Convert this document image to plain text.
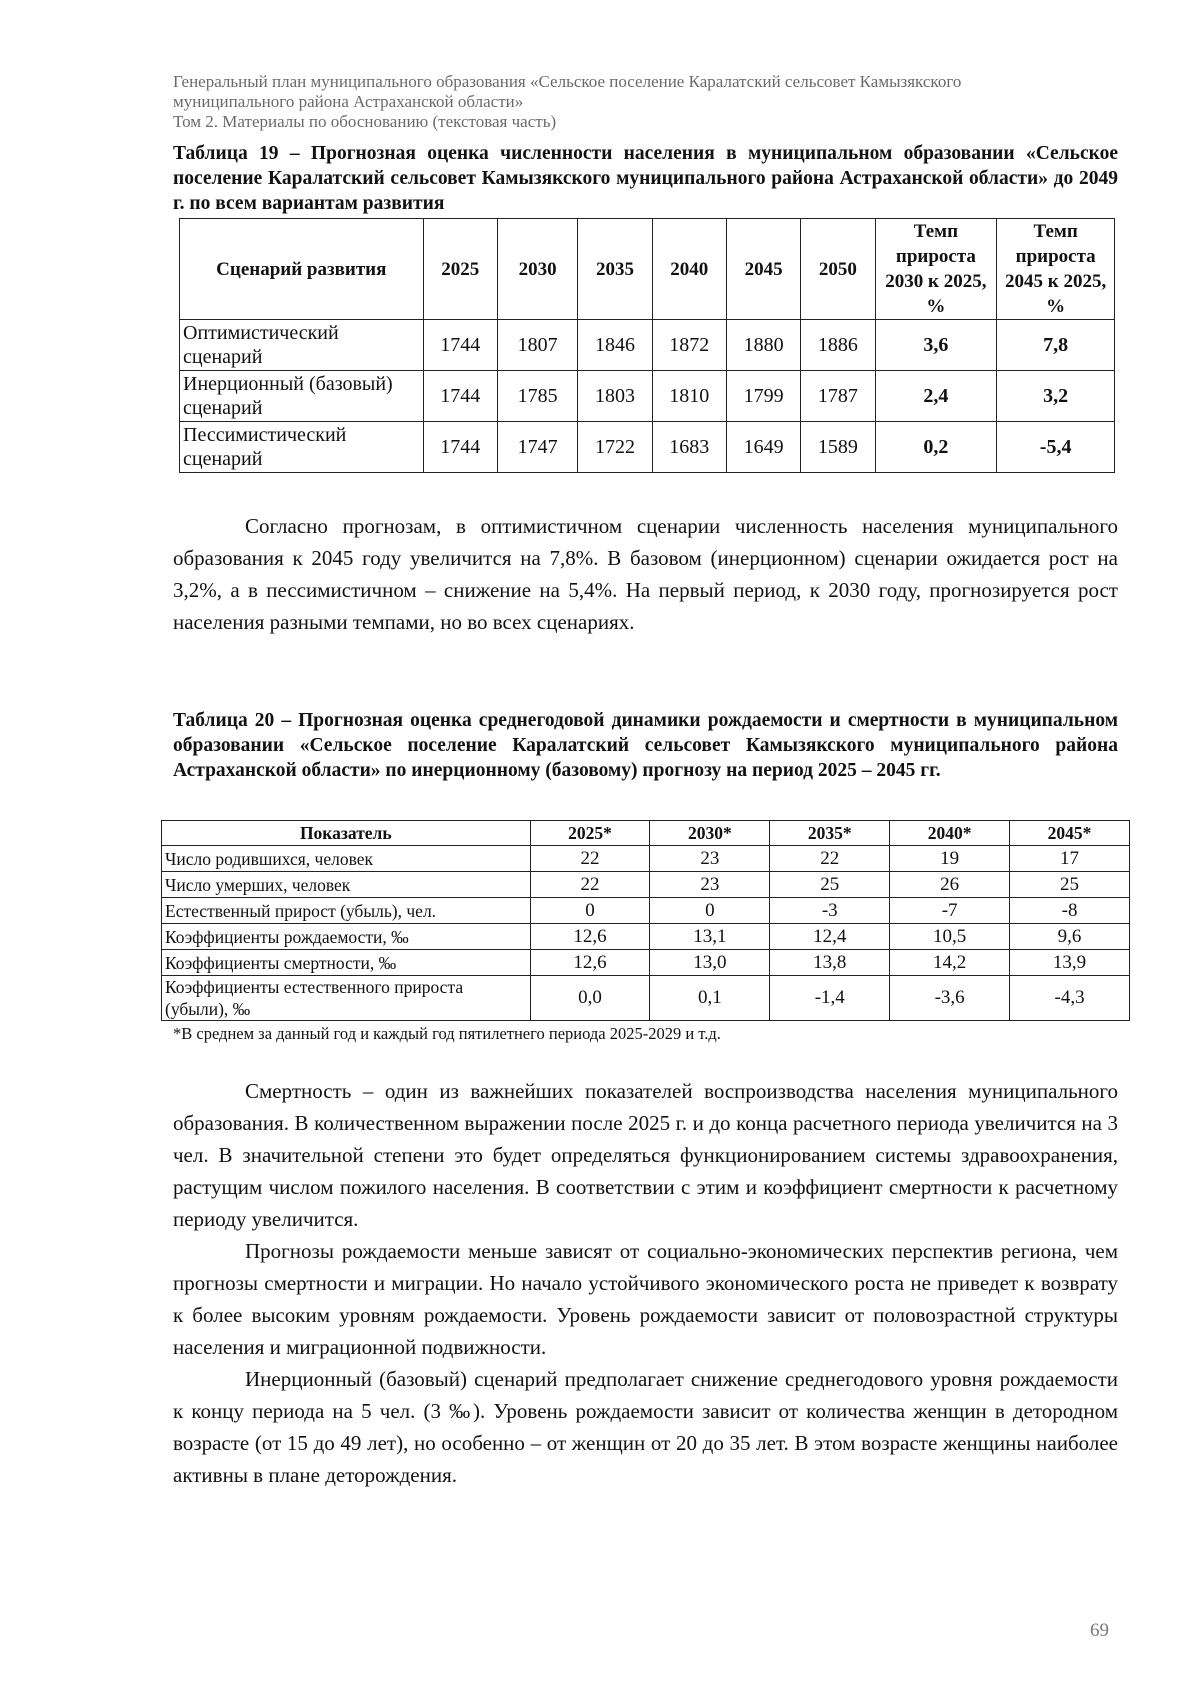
Генеральный план муниципального образования «Сельское поселение Каралатский сельсовет Камызякского
муниципального района Астраханской области»
Том 2. Материалы по обоснованию (текстовая часть)
Таблица 19 – Прогнозная оценка численности населения в муниципальном образовании «Сельское поселение Каралатский сельсовет Камызякского муниципального района Астраханской области» до 2049 г. по всем вариантам развития
Сценарий развития	2025	2030	2035	2040	2045	2050	Темп прироста 2030 к 2025, %	Темп прироста 2045 к 2025, %
Оптимистический сценарий	1744	1807	1846	1872	1880	1886	3,6	7,8
Инерционный (базовый) сценарий	1744	1785	1803	1810	1799	1787	2,4	3,2
Пессимистический сценарий	1744	1747	1722	1683	1649	1589	0,2	-5,4

Согласно прогнозам, в оптимистичном сценарии численность населения муниципального образования к 2045 году увеличится на 7,8%. В базовом (инерционном) сценарии ожидается рост на 3,2%, а в пессимистичном – снижение на 5,4%. На первый период, к 2030 году, прогнозируется рост населения разными темпами, но во всех сценариях.

Таблица 20 – Прогнозная оценка среднегодовой динамики рождаемости и смертности в муниципальном образовании «Сельское поселение Каралатский сельсовет Камызякского муниципального района Астраханской области» по инерционному (базовому) прогнозу на период 2025 – 2045 гг.
Показатель	2025*	2030*	2035*	2040*	2045*
Число родившихся, человек	22	23	22	19	17
Число умерших, человек	22	23	25	26	25
Естественный прирост (убыль), чел.	0	0	-3	-7	-8
Коэффициенты рождаемости, ‰	12,6	13,1	12,4	10,5	9,6
Коэффициенты смертности, ‰	12,6	13,0	13,8	14,2	13,9
Коэффициенты естественного прироста (убыли), ‰	0,0	0,1	-1,4	-3,6	-4,3
*В среднем за данный год и каждый год пятилетнего периода 2025-2029 и т.д.

Смертность – один из важнейших показателей воспроизводства населения муниципального образования. В количественном выражении после 2025 г. и до конца расчетного периода увеличится на 3 чел. В значительной степени это будет определяться функционированием системы здравоохранения, растущим числом пожилого населения. В соответствии с этим и коэффициент смертности к расчетному периоду увеличится.

Прогнозы рождаемости меньше зависят от социально-экономических перспектив региона, чем прогнозы смертности и миграции. Но начало устойчивого экономического роста не приведет к возврату к более высоким уровням рождаемости. Уровень рождаемости зависит от половозрастной структуры населения и миграционной подвижности.

Инерционный (базовый) сценарий предполагает снижение среднегодового уровня рождаемости к концу периода на 5 чел. (3 ‰). Уровень рождаемости зависит от количества женщин в детородном возрасте (от 15 до 49 лет), но особенно – от женщин от 20 до 35 лет. В этом возрасте женщины наиболее активны в плане деторождения.

69
